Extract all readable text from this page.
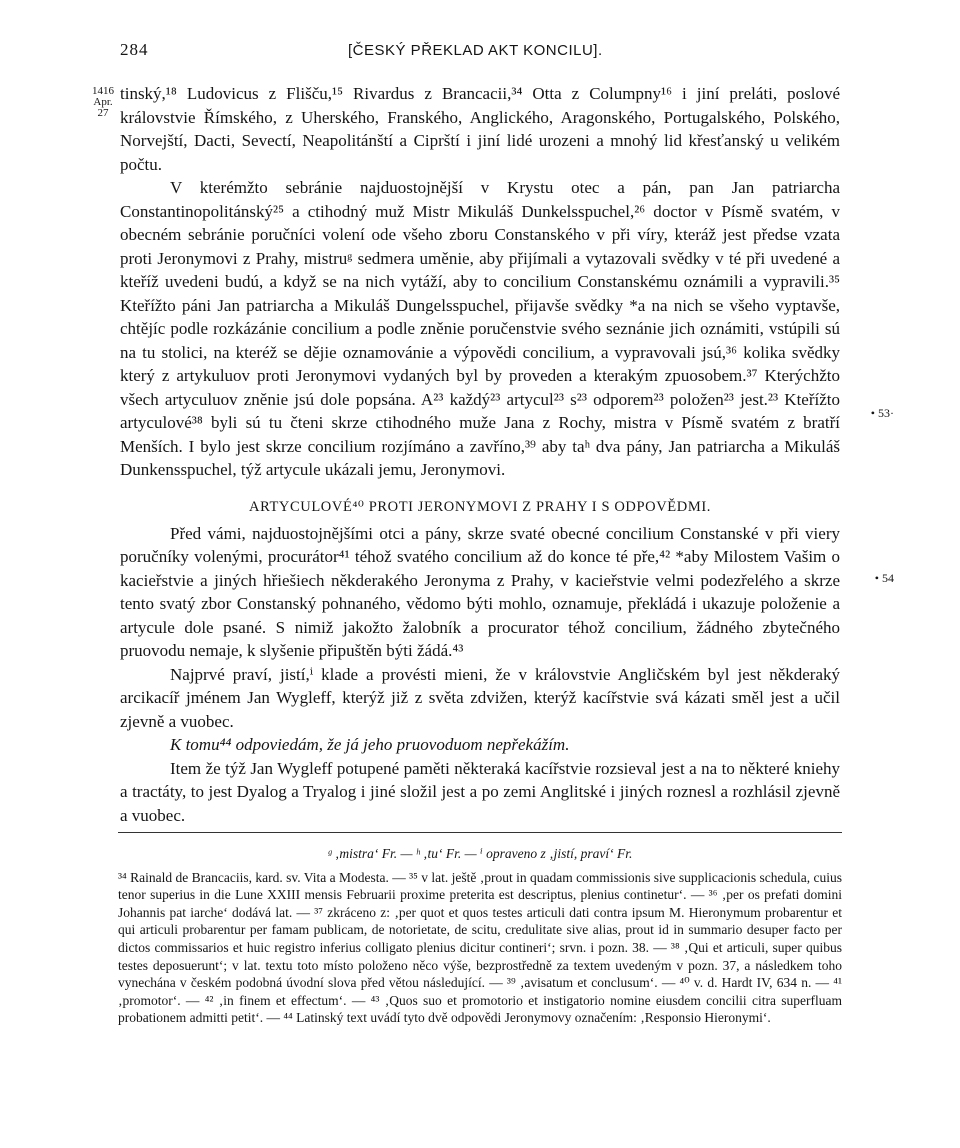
284	[ČESKÝ PŘEKLAD AKT KONCILU].
1416
Apr. 27
• 53·
• 54

tinský,¹⁸ Ludovicus z Flišču,¹⁵ Rivardus z Brancacii,³⁴ Otta z Columpny¹⁶ i jiní preláti, poslové královstvie Římského, z Uherského, Franského, Anglického, Aragonského, Portugalského, Polského, Norvejští, Dacti, Sevectí, Neapolitánští a Ciprští i jiní lidé urozeni a mnohý lid křesťanský u velikém počtu.

V kterémžto sebránie najduostojnější v Krystu otec a pán, pan Jan patriarcha Constantinopolitánský²⁵ a ctihodný muž Mistr Mikuláš Dunkelsspuchel,²⁶ doctor v Písmě svatém, v obecném sebránie poručníci volení ode všeho zboru Constanského v při víry, kteráž jest předse vzata proti Jeronymovi z Prahy, mistruᵍ sedmera uměnie, aby přijímali a vytazovali svědky v té při uvedené a kteříž uvedeni budú, a když se na nich vytáží, aby to concilium Constanskému oznámili a vypravili.³⁵ Kteřížto páni Jan patriarcha a Mikuláš Dungelsspuchel, přijavše svědky *a na nich se všeho vyptavše, chtějíc podle rozkázánie concilium a podle zněnie poručenstvie svého seznánie jich oznámiti, vstúpili sú na tu stolici, na kteréž se dějie oznamovánie a výpovědi concilium, a vypravovali jsú,³⁶ kolika svědky který z artykuluov proti Jeronymovi vydaných byl by proveden a kterakým zpuosobem.³⁷ Kterýchžto všech artyculuov zněnie jsú dole popsána. A²³ každý²³ artycul²³ s²³ odporem²³ položen²³ jest.²³ Kteřížto artyculové³⁸ byli sú tu čteni skrze ctihodného muže Jana z Rochy, mistra v Písmě svatém z bratří Menších. I bylo jest skrze concilium rozjímáno a zavříno,³⁹ aby taʰ dva pány, Jan patriarcha a Mikuláš Dunkensspuchel, týž artycule ukázali jemu, Jeronymovi.

ARTYCULOVÉ⁴⁰ PROTI JERONYMOVI Z PRAHY I S ODPOVĚDMI.

Před vámi, najduostojnějšími otci a pány, skrze svaté obecné concilium Constanské v při viery poručníky volenými, procurátor⁴¹ téhož svatého concilium až do konce té pře,⁴² *aby Milostem Vašim o kacieřstvie a jiných hřiešiech někderakého Jeronyma z Prahy, v kacieřstvie velmi podezřelého a skrze tento svatý zbor Constanský pohnaného, vědomo býti mohlo, oznamuje, překládá i ukazuje položenie a artycule dole psané. S nimiž jakožto žalobník a procurator téhož concilium, žádného zbytečného pruovodu nemaje, k slyšenie připuštěn býti žádá.⁴³

Najprvé praví, jistí,ⁱ klade a provésti mieni, že v královstvie Angličském byl jest někderaký arcikacíř jménem Jan Wygleff, kterýž již z světa zdvižen, kterýž kacířstvie svá kázati směl jest a učil zjevně a vuobec.

K tomu⁴⁴ odpoviedám, že já jeho pruovoduom nepřekážím.

Item že týž Jan Wygleff potupené paměti některaká kacířstvie rozsieval jest a na to některé kniehy a tractáty, to jest Dyalog a Tryalog i jiné složil jest a po zemi Anglitské i jiných roznesl a rozhlásil zjevně a vuobec.

ᵍ ‚mistra‘ Fr. — ʰ ‚tu‘ Fr. — ⁱ opraveno z ‚jistí, praví‘ Fr.

³⁴ Rainald de Brancaciis, kard. sv. Vita a Modesta. — ³⁵ v lat. ještě ‚prout in quadam commissionis sive supplicacionis schedula, cuius tenor superius in die Lune XXIII mensis Februarii proxime preterita est descriptus, plenius continetur‘. — ³⁶ ‚per os prefati domini Johannis pat iarche‘ dodává lat. — ³⁷ zkráceno z: ‚per quot et quos testes articuli dati contra ipsum M. Hieronymum probarentur et qui articuli probarentur per famam publicam, de notorietate, de scitu, credulitate sive alias, prout id in summario desuper facto per dictos commissarios et huic registro inferius colligato plenius dicitur contineri‘; srvn. i pozn. 38. — ³⁸ ‚Qui et articuli, super quibus testes deposuerunt‘; v lat. textu toto místo položeno něco výše, bezprostředně za textem uvedeným v pozn. 37, a následkem toho vynechána v českém podobná úvodní slova před větou následující. — ³⁹ ‚avisatum et conclusum‘. — ⁴⁰ v. d. Hardt IV, 634 n. — ⁴¹ ‚promotor‘. — ⁴² ‚in finem et effectum‘. — ⁴³ ‚Quos suo et promotorio et instigatorio nomine eiusdem concilii citra superfluam probationem admitti petit‘. — ⁴⁴ Latinský text uvádí tyto dvě odpovědi Jeronymovy označením: ‚Responsio Hieronymi‘.
